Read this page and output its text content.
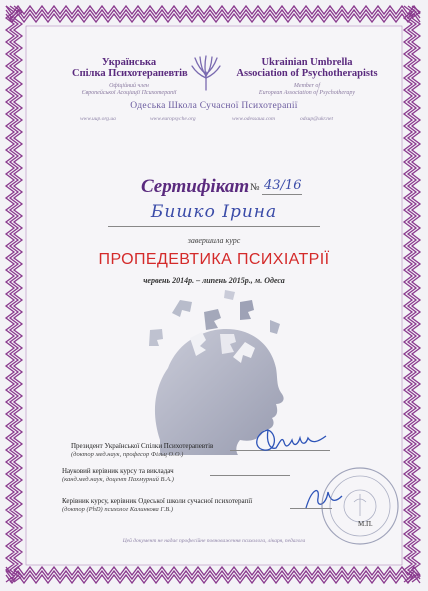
Українська
Спілка Психотерапевтів
Офіційний член
Європейської Асоціації Психотерапії
Ukrainian Umbrella
Association of Psychotherapists
Member of
European Association of Psychotherapy
Одеська Школа Сучасної Психотерапії
www.uup.org.ua	www.europsyche.org	www.odessaua.com	odsup@ukr.net
Сертифікат № 43/16
Бишко Ірина
завершила курс
ПРОПЕДЕВТИКА ПСИХІАТРІЇ
червень 2014р. – липень 2015р., м. Одеса
Президент Української Спілки Психотерапевтів
(доктор мед.наук, професор Фільц О.О.)
Науковий керівник курсу та викладач
(канд.мед.наук, доцент Пахмурний В.А.)
Керівник курсу, керівник Одеської школи сучасної психотерапії
(доктор (PhD) психолог Калинкова Г.В.)
М.П.
Цей документ не надає професійне повноваження психолога, лікаря, педагога
